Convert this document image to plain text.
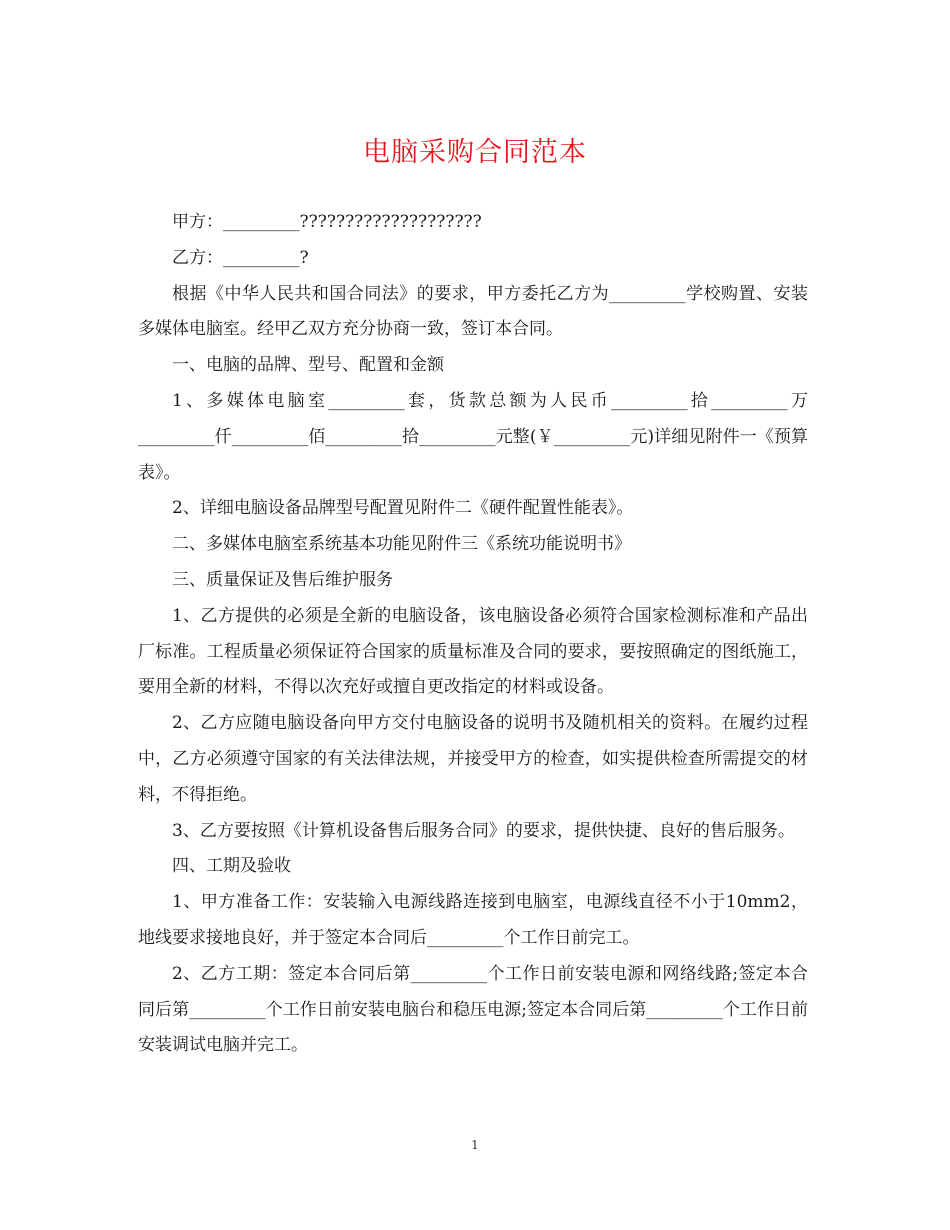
电脑采购合同范本

甲方：_________????????????????????

乙方：_________?

根据《中华人民共和国合同法》的要求，甲方委托乙方为_________学校购置、安装多媒体电脑室。经甲乙双方充分协商一致，签订本合同。

一、电脑的品牌、型号、配置和金额

1、多媒体电脑室_________套，货款总额为人民币_________拾_________万_________仟_________佰_________拾_________元整(￥_________元)详细见附件一《预算表》。

2、详细电脑设备品牌型号配置见附件二《硬件配置性能表》。

二、多媒体电脑室系统基本功能见附件三《系统功能说明书》

三、质量保证及售后维护服务

1、乙方提供的必须是全新的电脑设备，该电脑设备必须符合国家检测标准和产品出厂标准。工程质量必须保证符合国家的质量标准及合同的要求，要按照确定的图纸施工，要用全新的材料，不得以次充好或擅自更改指定的材料或设备。

2、乙方应随电脑设备向甲方交付电脑设备的说明书及随机相关的资料。在履约过程中，乙方必须遵守国家的有关法律法规，并接受甲方的检查，如实提供检查所需提交的材料，不得拒绝。

3、乙方要按照《计算机设备售后服务合同》的要求，提供快捷、良好的售后服务。

四、工期及验收

1、甲方准备工作：安装输入电源线路连接到电脑室，电源线直径不小于10mm2，地线要求接地良好，并于签定本合同后_________个工作日前完工。

2、乙方工期：签定本合同后第_________个工作日前安装电源和网络线路;签定本合同后第_________个工作日前安装电脑台和稳压电源;签定本合同后第_________个工作日前安装调试电脑并完工。

1
